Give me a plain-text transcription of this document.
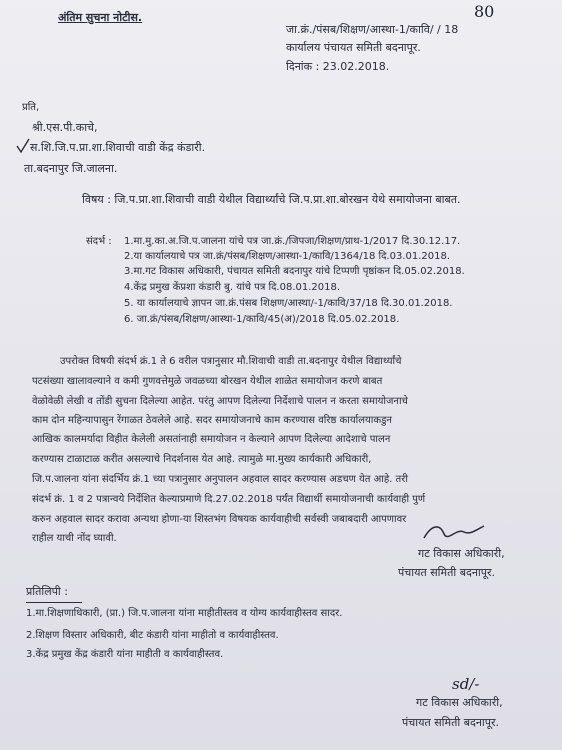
अंतिम सुचना नोटीस.	80
जा.क्रं./पंसब/शिक्षण/आस्था-1/कावि/ / 18
कार्यालय पंचायत समिती बदनापूर.
दिनांक : 23.02.2018.
प्रति,
श्री.एस.पी.काचे,
स.शि.जि.प.प्रा.शा.शिवाची वाडी केंद्र कंडारी.
ता.बदनापुर जि.जालना.
विषय : जि.प.प्रा.शा.शिवाची वाडी येथील विद्यार्थ्यांचे जि.प.प्रा.शा.बोरखन येथे समायोजना बाबत.
संदर्भ : 1.मा.मु.का.अ.जि.प.जालना यांचे पत्र जा.क्रं./जिपजा/शिक्षण/प्राथ-1/2017 दि.30.12.17.
2.या कार्यालयाचे पत्र जा.क्रं/पंसब/शिक्षण/आस्था-1/कावि/1364/18 दि.03.01.2018.
3.मा.गट विकास अधिकारी, पंचायत समिती बदनापुर यांचे टिप्पणी पृष्ठांकन दि.05.02.2018.
4.केंद्र प्रमुख केंप्रशा कंडारी बु. यांचे पत्र दि.08.01.2018.
5. या कार्यालयाचे ज्ञापन जा.क्रं.पंसब शिक्षण/आस्था/-1/कावि/37/18 दि.30.01.2018.
6. जा.क्रं/पंसब/शिक्षण/आस्था-1/कावि/45(अ)/2018 दि.05.02.2018.
उपरोक्त विषयी संदर्भ क्रं.1 ते 6 वरील पत्रानुसार मौ.शिवाची वाडी ता.बदनापुर येथील विद्यार्थ्यांचे
पटसंख्या खालावल्याने व कमी गुणवत्तेमुळे जवळच्या बोरखन येथील शाळेत समायोजन करणे बाबत
वेळोवेळी लेखी व तोंडी सुचना दिलेल्या आहेत. परंतु आपण दिलेल्या निर्देशाचे पालन न करता समायोजनाचे
काम दोन महिन्यापासुन रेंगाळत ठेवलेले आहे. सदर समायोजनाचे काम करण्यास वरिष्ठ कार्यालयाकडुन
आखिक कालमर्यादा विहीत केलेली असतांनाही समायोजन न केल्याने आपण दिलेल्या आदेशाचे पालन
करण्यास टाळाटाळ करीत असल्याचे निदर्शनास येत आहे. त्यामुळे मा.मुख्य कार्यकारी अधिकारी,
जि.प.जालना यांना संदर्भिय क्रं.1 च्या पत्रानुसार अनुपालन अहवाल सादर करण्यास अडचण येत आहे. तरी
संदर्भ क्रं. 1 व 2 पत्रान्वये निर्देशित केल्याप्रमाणे दि.27.02.2018 पर्यंत विद्यार्थी समायोजनाची कार्यवाही पुर्ण
करुन अहवाल सादर करावा अन्यथा होणा-या शिस्तभंग विषयक कार्यवाहीची सर्वस्वी जबाबदारी आपणावर
राहील याची नोंद घ्यावी.
गट विकास अधिकारी,
पंचायत समिती बदनापूर.
प्रतिलिपी :
1.मा.शिक्षणाधिकारी, (प्रा.) जि.प.जालना यांना माहीतीस्तव व योग्य कार्यवाहीस्तव सादर.
2.शिक्षण विस्तार अधिकारी, बीट कंडारी यांना माहीतो व कार्यवाहीस्तव.
3.केंद्र प्रमुख केंद्र कंडारी यांना माहीती व कार्यवाहीस्तव.
sd/-
गट विकास अधिकारी,
पंचायत समिती बदनापूर.
